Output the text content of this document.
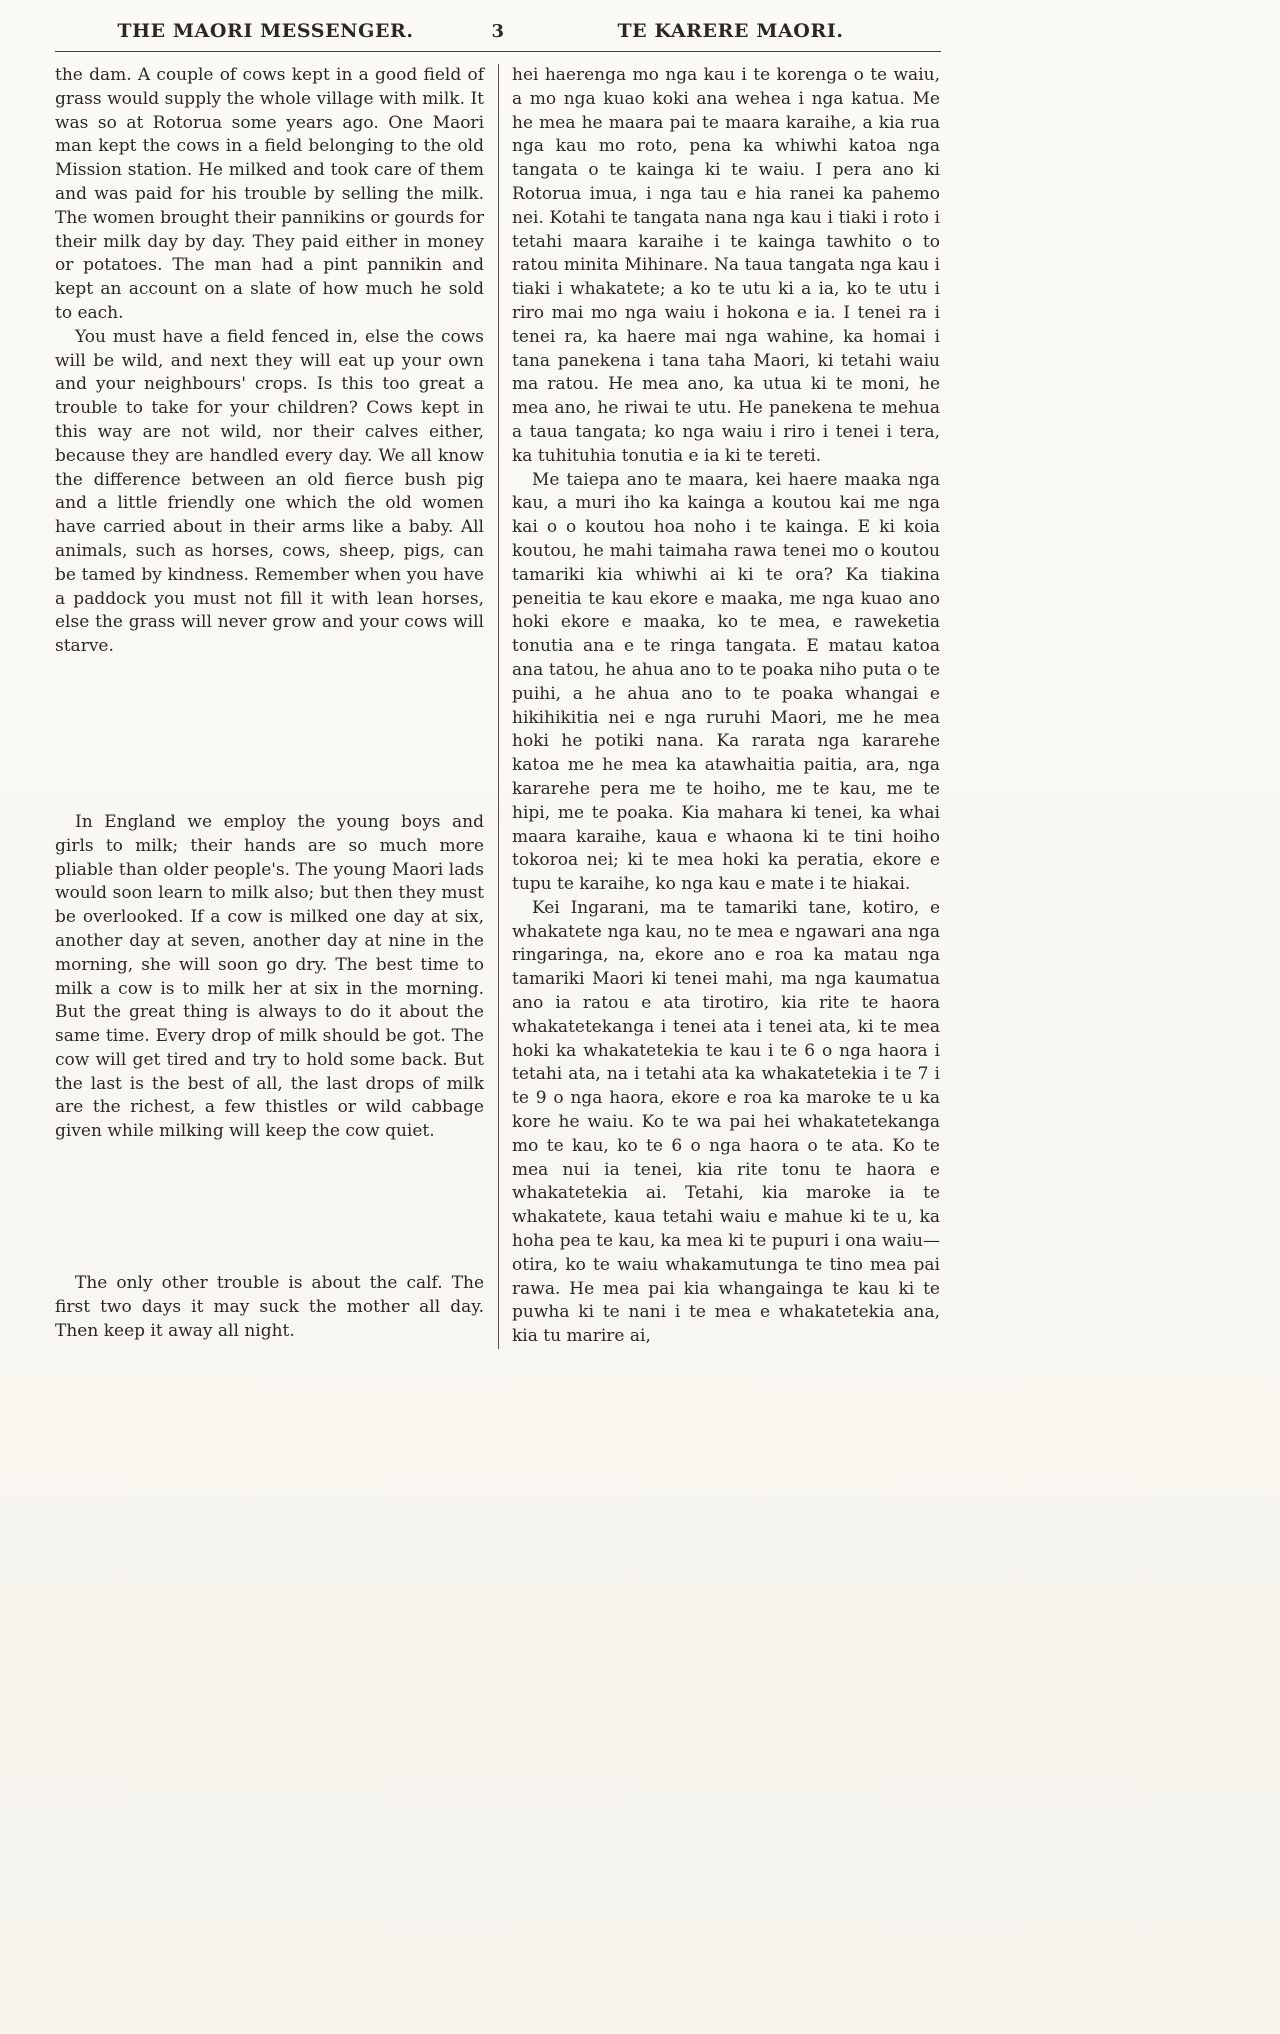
THE MAORI MESSENGER.	3	TE KARERE MAORI.

the dam. A couple of cows kept in a good field of grass would supply the whole village with milk. It was so at Rotorua some years ago. One Maori man kept the cows in a field belonging to the old Mission station. He milked and took care of them and was paid for his trouble by selling the milk. The women brought their pannikins or gourds for their milk day by day. They paid either in money or potatoes. The man had a pint pannikin and kept an account on a slate of how much he sold to each.

You must have a field fenced in, else the cows will be wild, and next they will eat up your own and your neighbours' crops. Is this too great a trouble to take for your children? Cows kept in this way are not wild, nor their calves either, because they are handled every day. We all know the difference between an old fierce bush pig and a little friendly one which the old women have carried about in their arms like a baby. All animals, such as horses, cows, sheep, pigs, can be tamed by kindness. Remember when you have a paddock you must not fill it with lean horses, else the grass will never grow and your cows will starve.

In England we employ the young boys and girls to milk; their hands are so much more pliable than older people's. The young Maori lads would soon learn to milk also; but then they must be overlooked. If a cow is milked one day at six, another day at seven, another day at nine in the morning, she will soon go dry. The best time to milk a cow is to milk her at six in the morning. But the great thing is always to do it about the same time. Every drop of milk should be got. The cow will get tired and try to hold some back. But the last is the best of all, the last drops of milk are the richest, a few thistles or wild cabbage given while milking will keep the cow quiet.

The only other trouble is about the calf. The first two days it may suck the mother all day. Then keep it away all night.

hei haerenga mo nga kau i te korenga o te waiu, a mo nga kuao koki ana wehea i nga katua. Me he mea he maara pai te maara karaihe, a kia rua nga kau mo roto, pena ka whiwhi katoa nga tangata o te kainga ki te waiu. I pera ano ki Rotorua imua, i nga tau e hia ranei ka pahemo nei. Kotahi te tangata nana nga kau i tiaki i roto i tetahi maara karaihe i te kainga tawhito o to ratou minita Mihinare. Na taua tangata nga kau i tiaki i whakatete; a ko te utu ki a ia, ko te utu i riro mai mo nga waiu i hokona e ia. I tenei ra i tenei ra, ka haere mai nga wahine, ka homai i tana panekena i tana taha Maori, ki tetahi waiu ma ratou. He mea ano, ka utua ki te moni, he mea ano, he riwai te utu. He panekena te mehua a taua tangata; ko nga waiu i riro i tenei i tera, ka tuhituhia tonutia e ia ki te tereti.

Me taiepa ano te maara, kei haere maaka nga kau, a muri iho ka kainga a koutou kai me nga kai o o koutou hoa noho i te kainga. E ki koia koutou, he mahi taimaha rawa tenei mo o koutou tamariki kia whiwhi ai ki te ora? Ka tiakina peneitia te kau ekore e maaka, me nga kuao ano hoki ekore e maaka, ko te mea, e raweketia tonutia ana e te ringa tangata. E matau katoa ana tatou, he ahua ano to te poaka niho puta o te puihi, a he ahua ano to te poaka whangai e hikihikitia nei e nga ruruhi Maori, me he mea hoki he potiki nana. Ka rarata nga kararehe katoa me he mea ka atawhaitia paitia, ara, nga kararehe pera me te hoiho, me te kau, me te hipi, me te poaka. Kia mahara ki tenei, ka whai maara karaihe, kaua e whaona ki te tini hoiho tokoroa nei; ki te mea hoki ka peratia, ekore e tupu te karaihe, ko nga kau e mate i te hiakai.

Kei Ingarani, ma te tamariki tane, kotiro, e whakatete nga kau, no te mea e ngawari ana nga ringaringa, na, ekore ano e roa ka matau nga tamariki Maori ki tenei mahi, ma nga kaumatua ano ia ratou e ata tirotiro, kia rite te haora whakatetekanga i tenei ata i tenei ata, ki te mea hoki ka whakatetekia te kau i te 6 o nga haora i tetahi ata, na i tetahi ata ka whakatetekia i te 7 i te 9 o nga haora, ekore e roa ka maroke te u ka kore he waiu. Ko te wa pai hei whakatetekanga mo te kau, ko te 6 o nga haora o te ata. Ko te mea nui ia tenei, kia rite tonu te haora e whakatetekia ai. Tetahi, kia maroke ia te whakatete, kaua tetahi waiu e mahue ki te u, ka hoha pea te kau, ka mea ki te pupuri i ona waiu—otira, ko te waiu whakamutunga te tino mea pai rawa. He mea pai kia whangainga te kau ki te puwha ki te nani i te mea e whakatetekia ana, kia tu marire ai,
